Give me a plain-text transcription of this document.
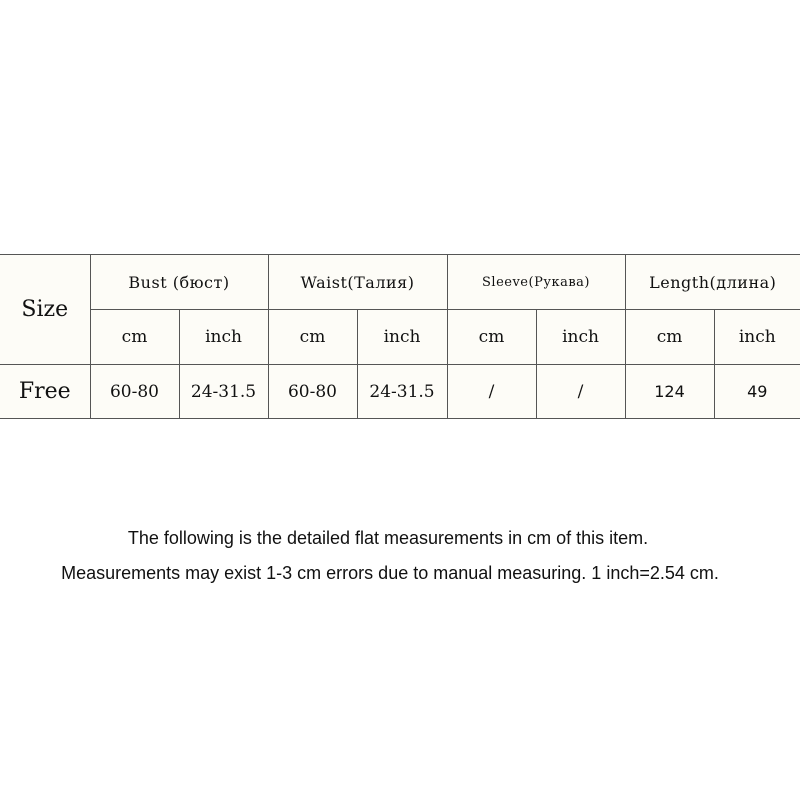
Size	Bust (бюст)		Waist(Талия)		Sleeve(Рукава)		Length(длина)	
	cm	inch	cm	inch	cm	inch	cm	inch
Free	60-80	24-31.5	60-80	24-31.5	/	/	124	49
The following is the detailed flat measurements in cm of this item.
Measurements may exist 1-3 cm errors due to manual measuring. 1 inch=2.54 cm.
